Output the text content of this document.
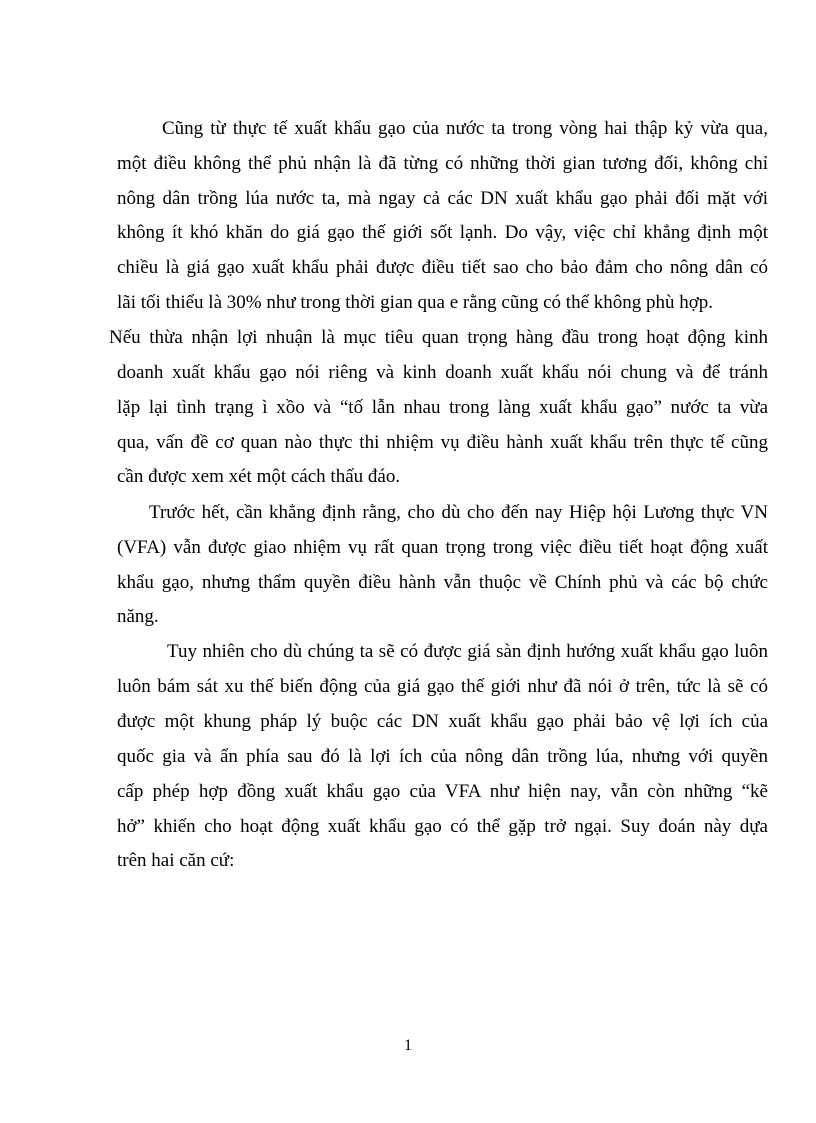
Cũng từ thực tế xuất khẩu gạo của nước ta trong vòng hai thập kỷ vừa qua,
một điều không thể phủ nhận là đã từng có những thời gian tương đối, không chỉ
nông dân trồng lúa nước ta, mà ngay cả các DN xuất khẩu gạo phải đối mặt với
không ít khó khăn do giá gạo thế giới sốt lạnh. Do vậy, việc chỉ khẳng định một
chiều là giá gạo xuất khẩu phải được điều tiết sao cho bảo đảm cho nông dân có
lãi tối thiểu là 30% như trong thời gian qua e rằng cũng có thể không phù hợp.
Nếu thừa nhận lợi nhuận là mục tiêu quan trọng hàng đầu trong hoạt động kinh
doanh xuất khẩu gạo nói riêng và kinh doanh xuất khẩu nói chung và để tránh
lặp lại tình trạng ì xồo và “tố lẫn nhau trong làng xuất khẩu gạo” nước ta vừa
qua, vấn đề cơ quan nào thực thi nhiệm vụ điều hành xuất khẩu trên thực tế cũng
cần được xem xét một cách thấu đáo.
Trước hết, cần khẳng định rằng, cho dù cho đến nay Hiệp hội Lương thực VN
(VFA) vẫn được giao nhiệm vụ rất quan trọng trong việc điều tiết hoạt động xuất
khẩu gạo, nhưng thẩm quyền điều hành vẫn thuộc về Chính phủ và các bộ chức
năng.
Tuy nhiên cho dù chúng ta sẽ có được giá sàn định hướng xuất khẩu gạo luôn
luôn bám sát xu thế biến động của giá gạo thế giới như đã nói ở trên, tức là sẽ có
được một khung pháp lý buộc các DN xuất khẩu gạo phải bảo vệ lợi ích của
quốc gia và ẩn phía sau đó là lợi ích của nông dân trồng lúa, nhưng với quyền
cấp phép hợp đồng xuất khẩu gạo của VFA như hiện nay, vẫn còn những “kẽ
hở” khiến cho hoạt động xuất khẩu gạo có thể gặp trở ngại. Suy đoán này dựa
trên hai căn cứ:
1
